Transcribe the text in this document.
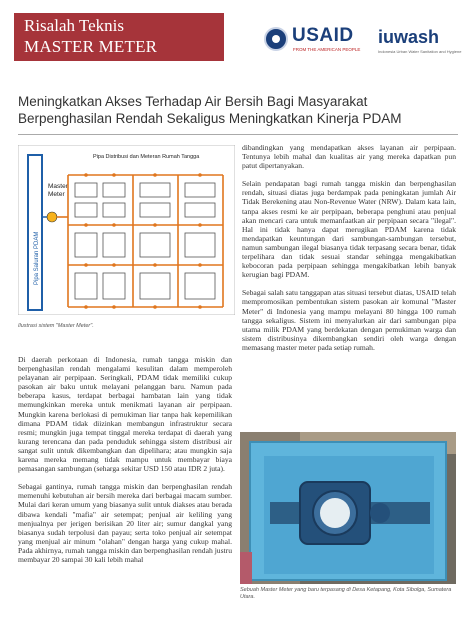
Risalah Teknis
MASTER METER
USAID
FROM THE AMERICAN PEOPLE
iuwash
Indonesia Urban Water Sanitation and Hygiene
Meningkatkan Akses Terhadap Air Bersih Bagi Masyarakat Berpenghasilan Rendah Sekaligus Meningkatkan Kinerja PDAM
Pipa Saluran PDAM
Master
Meter
Pipa Distribusi dan Meteran Rumah Tangga
Ilustrasi sistem "Master Meter".

Di daerah perkotaan di Indonesia, rumah tangga miskin dan berpenghasilan rendah mengalami kesulitan dalam memperoleh pelayanan air perpipaan. Seringkali, PDAM tidak memiliki cukup pasokan air baku untuk melayani pelanggan baru. Namun pada beberapa kasus, terdapat berbagai hambatan lain yang tidak memungkinkan mereka untuk menikmati layanan air perpipaan. Mungkin karena berlokasi di pemukiman liar tanpa hak kepemilikan dimana PDAM tidak diizinkan membangun infrastruktur secara resmi; mungkin juga tempat tinggal mereka terdapat di daerah yang kurang terencana dan pada penduduk sehingga sistem distribusi air sangat sulit untuk dikembangkan dan dipelihara; atau mungkin saja karena mereka memang tidak mampu untuk membayar biaya pemasangan sambungan (seharga sekitar USD 150 atau IDR 2 juta).

Sebagai gantinya, rumah tangga miskin dan berpenghasilan rendah memenuhi kebutuhan air bersih mereka dari berbagai macam sumber. Mulai dari keran umum yang biasanya sulit untuk diakses atau berada dibawa kendali "mafia" air setempat; penjual air keliling yang menjualnya per jerigen berisikan 20 liter air; sumur dangkal yang biasanya sudah terpolusi dan payau; serta toko penjual air setempat yang menjual air minum "olahan" dengan harga yang cukup mahal. Pada akhirnya, rumah tangga miskin dan berpenghasilan rendah justru membayar 20 sampai 30 kali lebih mahal

dibandingkan yang mendapatkan akses layanan air perpipaan. Tentunya lebih mahal dan kualitas air yang mereka dapatkan pun patut dipertanyakan.

Selain pendapatan bagi rumah tangga miskin dan berpenghasilan rendah, situasi diatas juga berdampak pada peningkatan jumlah Air Tidak Berekening atau Non-Revenue Water (NRW). Dalam kata lain, tanpa akses resmi ke air perpipaan, beberapa penghuni atau penjual akan mencari cara untuk memanfaatkan air perpipaan secara "ilegal". Hal ini tidak hanya dapat merugikan PDAM karena tidak mendapatkan keuntungan dari sambungan-sambungan tersebut, namun sambungan ilegal biasanya tidak terpasang secara benar, tidak terpelihara dan tidak sesuai standar sehingga mengakibatkan kebocoran pada perpipaan sehingga mengakibatkan lebih banyak kerugian bagi PDAM.

Sebagai salah satu tanggapan atas situasi tersebut diatas, USAID telah mempromosikan pembentukan sistem pasokan air komunal "Master Meter" di Indonesia yang mampu melayani 80 hingga 100 rumah tangga sekaligus. Sistem ini menyalurkan air dari sambungan pipa utama milik PDAM yang berdekatan dengan pemukiman warga dan sistem distribusinya dikembangkan sendiri oleh warga dengan memasang master meter pada setiap rumah.

Sebuah Master Meter yang baru terpasang di Desa Ketapang, Kota Sibolga, Sumatera Utara.
